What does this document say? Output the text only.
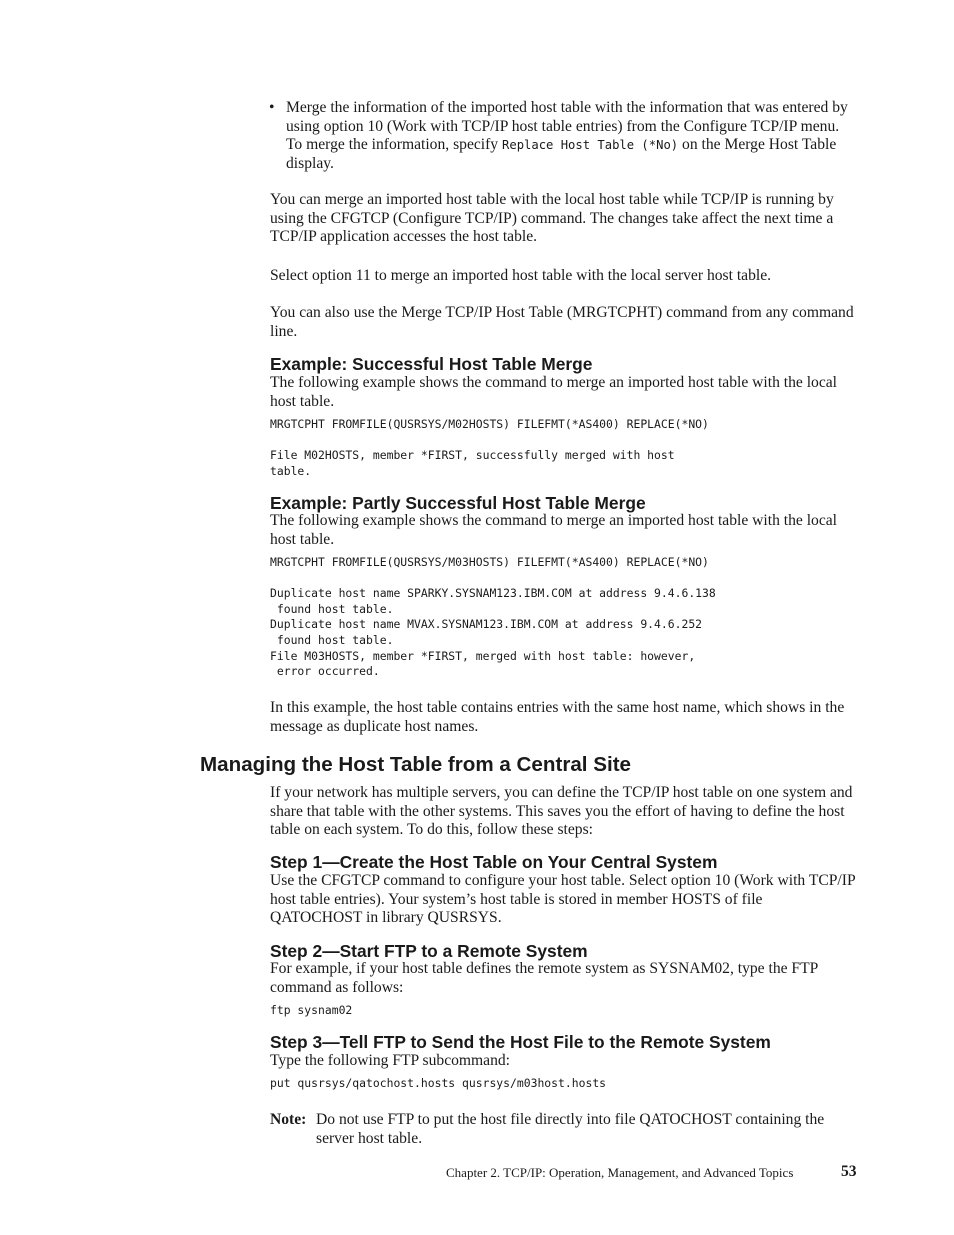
• Merge the information of the imported host table with the information that was entered by using option 10 (Work with TCP/IP host table entries) from the Configure TCP/IP menu. To merge the information, specify Replace Host Table (*No) on the Merge Host Table display.
You can merge an imported host table with the local host table while TCP/IP is running by using the CFGTCP (Configure TCP/IP) command. The changes take affect the next time a TCP/IP application accesses the host table.
Select option 11 to merge an imported host table with the local server host table.
You can also use the Merge TCP/IP Host Table (MRGTCPHT) command from any command line.
Example: Successful Host Table Merge
The following example shows the command to merge an imported host table with the local host table.
MRGTCPHT FROMFILE(QUSRSYS/M02HOSTS) FILEFMT(*AS400) REPLACE(*NO)

File M02HOSTS, member *FIRST, successfully merged with host
table.
Example: Partly Successful Host Table Merge
The following example shows the command to merge an imported host table with the local host table.
MRGTCPHT FROMFILE(QUSRSYS/M03HOSTS) FILEFMT(*AS400) REPLACE(*NO)

Duplicate host name SPARKY.SYSNAM123.IBM.COM at address 9.4.6.138
found host table.
Duplicate host name MVAX.SYSNAM123.IBM.COM at address 9.4.6.252
found host table.
File M03HOSTS, member *FIRST, merged with host table: however,
error occurred.
In this example, the host table contains entries with the same host name, which shows in the message as duplicate host names.
Managing the Host Table from a Central Site
If your network has multiple servers, you can define the TCP/IP host table on one system and share that table with the other systems. This saves you the effort of having to define the host table on each system. To do this, follow these steps:
Step 1—Create the Host Table on Your Central System
Use the CFGTCP command to configure your host table. Select option 10 (Work with TCP/IP host table entries). Your system’s host table is stored in member HOSTS of file QATOCHOST in library QUSRSYS.
Step 2—Start FTP to a Remote System
For example, if your host table defines the remote system as SYSNAM02, type the FTP command as follows:
ftp sysnam02
Step 3—Tell FTP to Send the Host File to the Remote System
Type the following FTP subcommand:
put qusrsys/qatochost.hosts qusrsys/m03host.hosts
Note: Do not use FTP to put the host file directly into file QATOCHOST containing the server host table.
Chapter 2. TCP/IP: Operation, Management, and Advanced Topics	53
